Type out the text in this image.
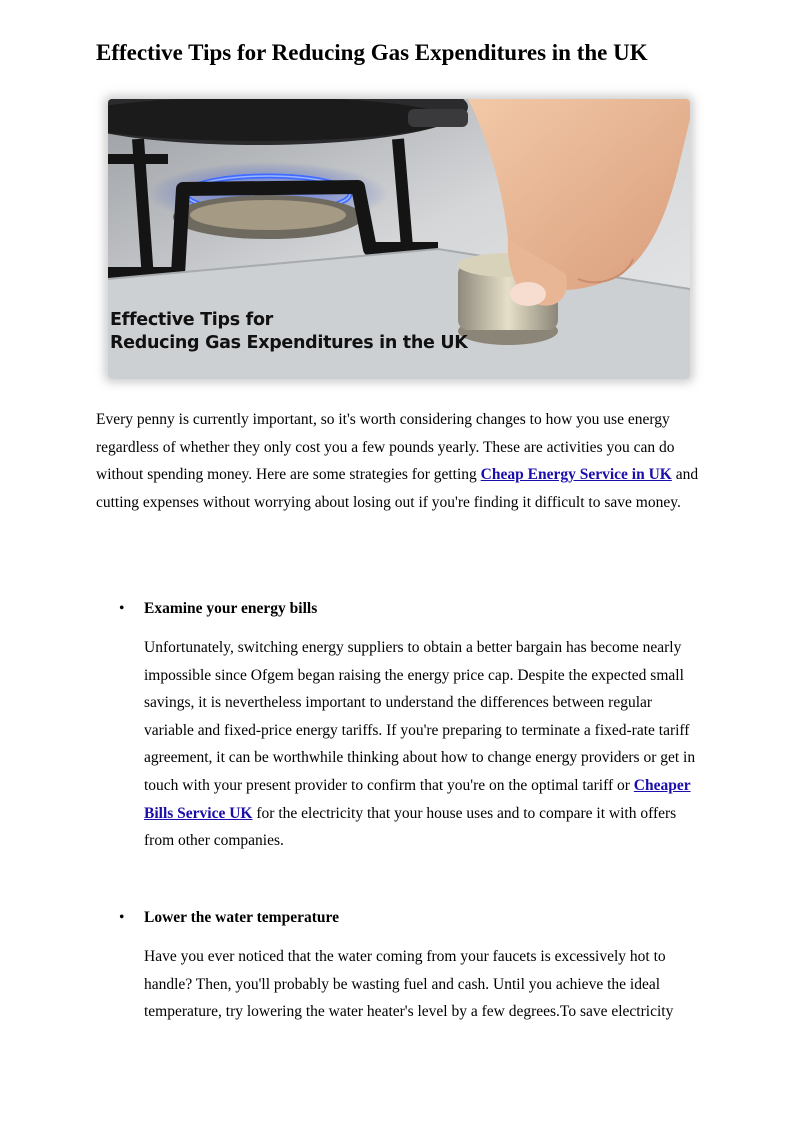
Effective Tips for Reducing Gas Expenditures in the UK

Effective Tips for
Reducing Gas Expenditures in the UK

Every penny is currently important, so it's worth considering changes to how you use energy regardless of whether they only cost you a few pounds yearly. These are activities you can do without spending money. Here are some strategies for getting Cheap Energy Service in UK and cutting expenses without worrying about losing out if you're finding it difficult to save money.

• Examine your energy bills

Unfortunately, switching energy suppliers to obtain a better bargain has become nearly impossible since Ofgem began raising the energy price cap. Despite the expected small savings, it is nevertheless important to understand the differences between regular variable and fixed-price energy tariffs. If you're preparing to terminate a fixed-rate tariff agreement, it can be worthwhile thinking about how to change energy providers or get in touch with your present provider to confirm that you're on the optimal tariff or Cheaper Bills Service UK for the electricity that your house uses and to compare it with offers from other companies.

• Lower the water temperature

Have you ever noticed that the water coming from your faucets is excessively hot to handle? Then, you'll probably be wasting fuel and cash. Until you achieve the ideal temperature, try lowering the water heater's level by a few degrees.To save electricity
